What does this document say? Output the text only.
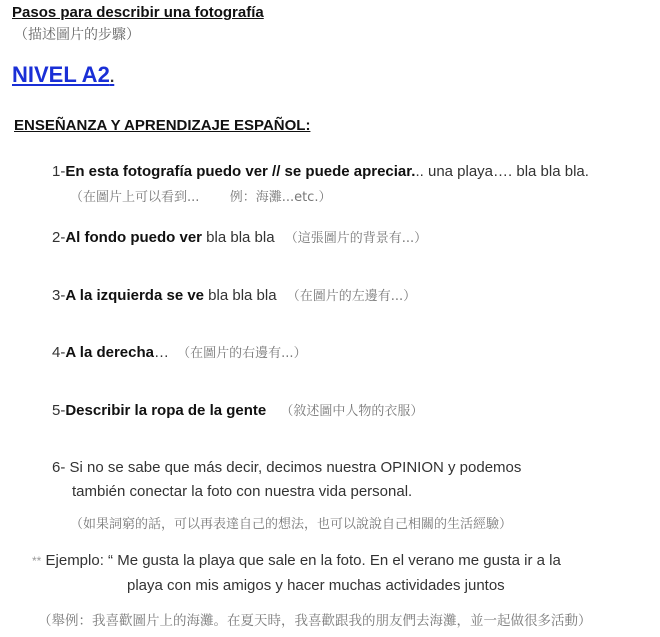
Pasos para describir una fotografía
（描述圖片的步驟）
NIVEL A2.
ENSEÑANZA Y APRENDIZAJE ESPAÑOL:
1-En esta fotografía puedo ver // se puede apreciar... una playa…. bla bla bla.
（在圖片上可以看到... 例：海灘...etc.）
2-Al fondo puedo ver bla bla bla （這張圖片的背景有...）
3-A la izquierda se ve bla bla bla （在圖片的左邊有...）
4-A la derecha… （在圖片的右邊有...）
5-Describir la ropa de la gente （敘述圖中人物的衣服）
6- Si no se sabe que más decir, decimos nuestra OPINION y podemos
también conectar la foto con nuestra vida personal.
（如果詞窮的話，可以再表達自己的想法，也可以說說自己相關的生活經驗）
** Ejemplo: “ Me gusta la playa que sale en la foto. En el verano me gusta ir a la
playa con mis amigos y hacer muchas actividades juntos
（舉例：我喜歡圖片上的海灘。在夏天時，我喜歡跟我的朋友們去海灘，並一起做很多活動）
